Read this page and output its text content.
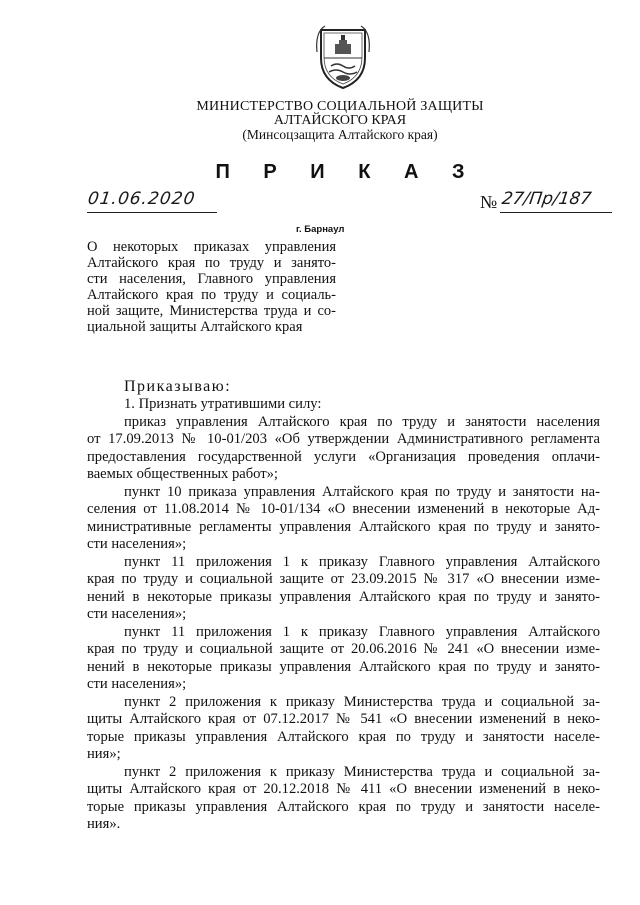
МИНИСТЕРСТВО СОЦИАЛЬНОЙ ЗАЩИТЫ
АЛТАЙСКОГО КРАЯ
(Минсоцзащита Алтайского края)
П Р И К А З
01.06.2020	№ 27/Пр/187
г. Барнаул
О некоторых приказах управления
Алтайского края по труду и занято-
сти населения, Главного управления
Алтайского края по труду и социаль-
ной защите, Министерства труда и со-
циальной защиты Алтайского края
Приказываю:
1. Признать утратившими силу:
приказ управления Алтайского края по труду и занятости населения
от 17.09.2013 № 10-01/203 «Об утверждении Административного регламента
предоставления государственной услуги «Организация проведения оплачи-
ваемых общественных работ»;
пункт 10 приказа управления Алтайского края по труду и занятости на-
селения от 11.08.2014 № 10-01/134 «О внесении изменений в некоторые Ад-
министративные регламенты управления Алтайского края по труду и занято-
сти населения»;
пункт 11 приложения 1 к приказу Главного управления Алтайского
края по труду и социальной защите от 23.09.2015 № 317 «О внесении изме-
нений в некоторые приказы управления Алтайского края по труду и занято-
сти населения»;
пункт 11 приложения 1 к приказу Главного управления Алтайского
края по труду и социальной защите от 20.06.2016 № 241 «О внесении изме-
нений в некоторые приказы управления Алтайского края по труду и занято-
сти населения»;
пункт 2 приложения к приказу Министерства труда и социальной за-
щиты Алтайского края от 07.12.2017 № 541 «О внесении изменений в неко-
торые приказы управления Алтайского края по труду и занятости населе-
ния»;
пункт 2 приложения к приказу Министерства труда и социальной за-
щиты Алтайского края от 20.12.2018 № 411 «О внесении изменений в неко-
торые приказы управления Алтайского края по труду и занятости населе-
ния».
